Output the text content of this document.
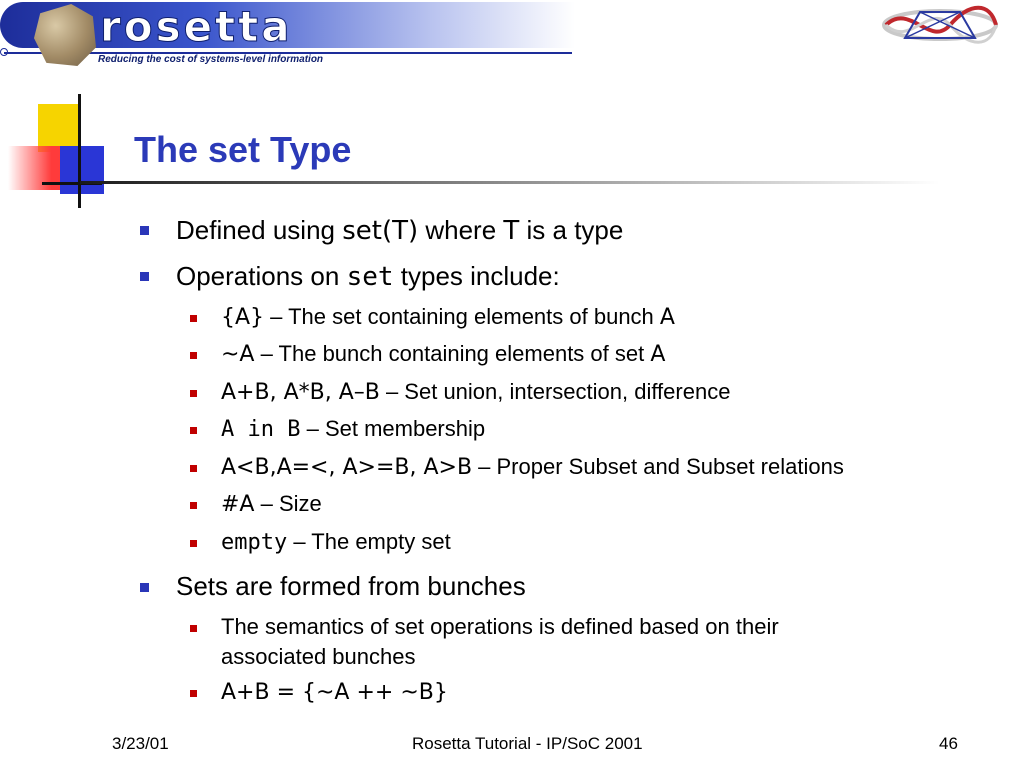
rosetta
Reducing the cost of systems-level information
The set Type
Defined using set(T) where T is a type
Operations on set types include:
{A} – The set containing elements of bunch A
~A – The bunch containing elements of set A
A+B, A*B, A–B – Set union, intersection, difference
A in B – Set membership
A<B,A=<, A>=B, A>B – Proper Subset and Subset relations
#A – Size
empty – The empty set
Sets are formed from bunches
The semantics of set operations is defined based on their
associated bunches
A+B = {~A ++ ~B}
3/23/01	Rosetta Tutorial - IP/SoC 2001	46
